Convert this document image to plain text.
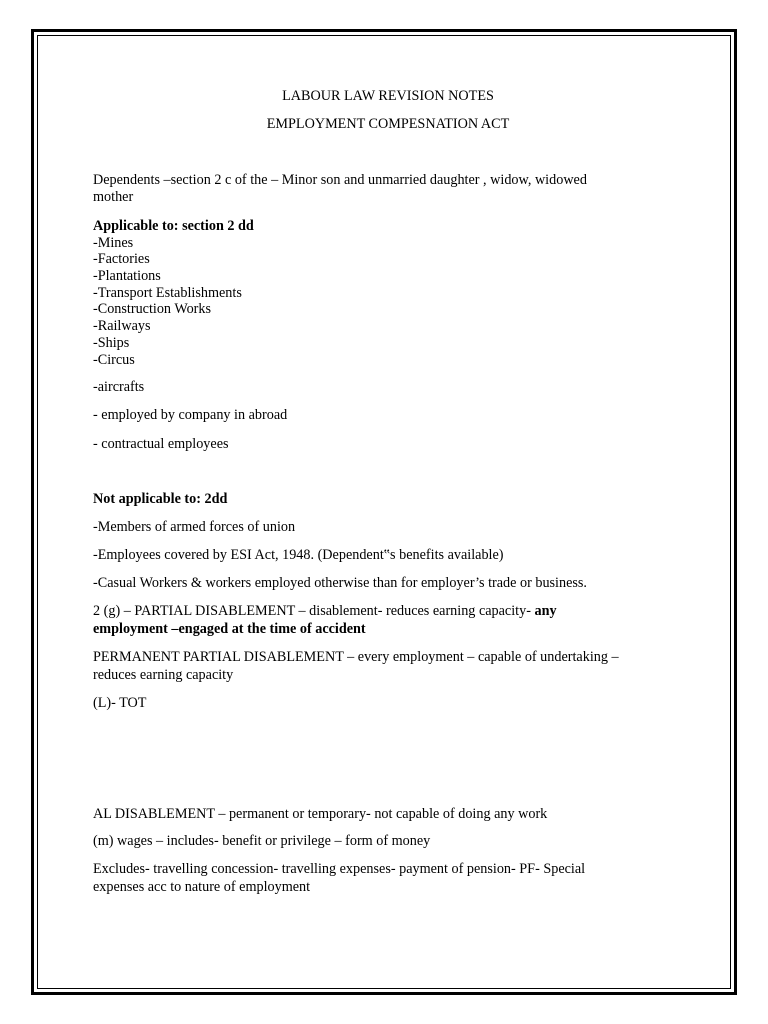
LABOUR LAW REVISION NOTES
EMPLOYMENT COMPESNATION ACT
Dependents –section 2 c of the – Minor son and unmarried daughter , widow, widowed
mother
Applicable to: section 2 dd
-Mines
-Factories
-Plantations
-Transport Establishments
-Construction Works
-Railways
-Ships
-Circus
-aircrafts
- employed by company in abroad
- contractual employees
Not applicable to: 2dd
-Members of armed forces of union
-Employees covered by ESI Act, 1948. (Dependent‟s benefits available)
-Casual Workers & workers employed otherwise than for employer’s trade or business.
2 (g) – PARTIAL DISABLEMENT – disablement- reduces earning capacity- any
employment –engaged at the time of accident
PERMANENT PARTIAL DISABLEMENT – every employment – capable of undertaking –
reduces earning capacity
(L)- TOT
AL DISABLEMENT – permanent or temporary- not capable of doing any work
(m) wages – includes- benefit or privilege – form of money
Excludes- travelling concession- travelling expenses- payment of pension- PF- Special
expenses acc to nature of employment
